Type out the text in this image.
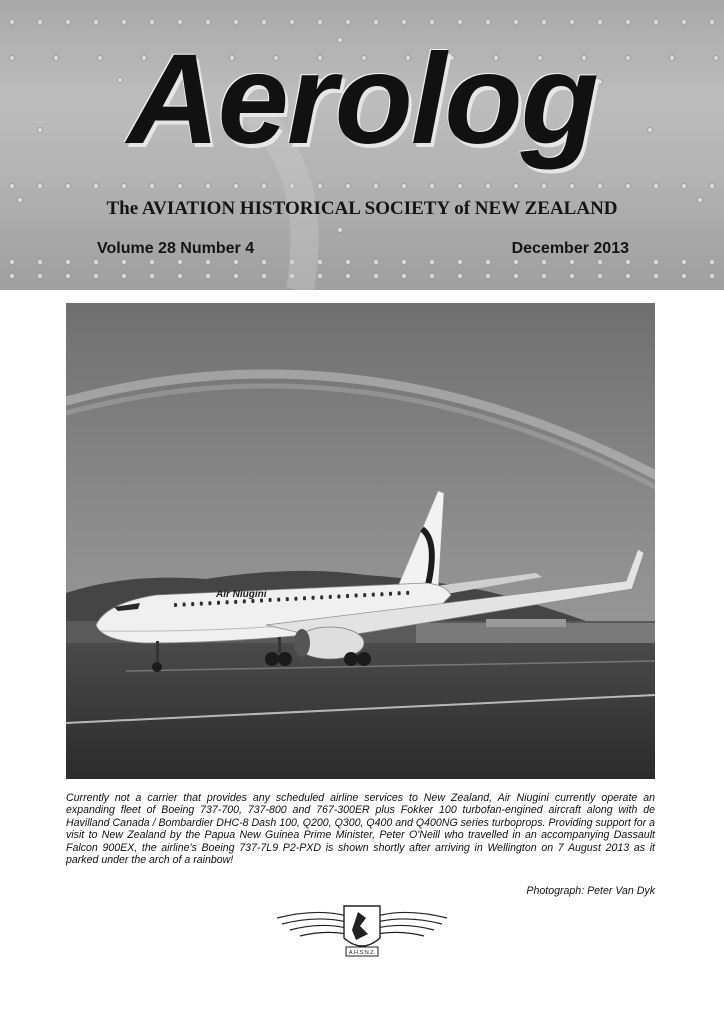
Aerolog
The AVIATION HISTORICAL SOCIETY of NEW ZEALAND
Volume 28 Number 4	December 2013
Air Niugini
Currently not a carrier that provides any scheduled airline services to New Zealand, Air Niugini currently operate an expanding fleet of Boeing 737-700, 737-800 and 767-300ER plus Fokker 100 turbofan-engined aircraft along with de Havilland Canada / Bombardier DHC-8 Dash 100, Q200, Q300, Q400 and Q400NG series turboprops. Providing support for a visit to New Zealand by the Papua New Guinea Prime Minister, Peter O'Neill who travelled in an accompanying Dassault Falcon 900EX, the airline's Boeing 737-7L9 P2-PXD is shown shortly after arriving in Wellington on 7 August 2013 as it parked under the arch of a rainbow!
Photograph: Peter Van Dyk
A.H.S.N.Z.
